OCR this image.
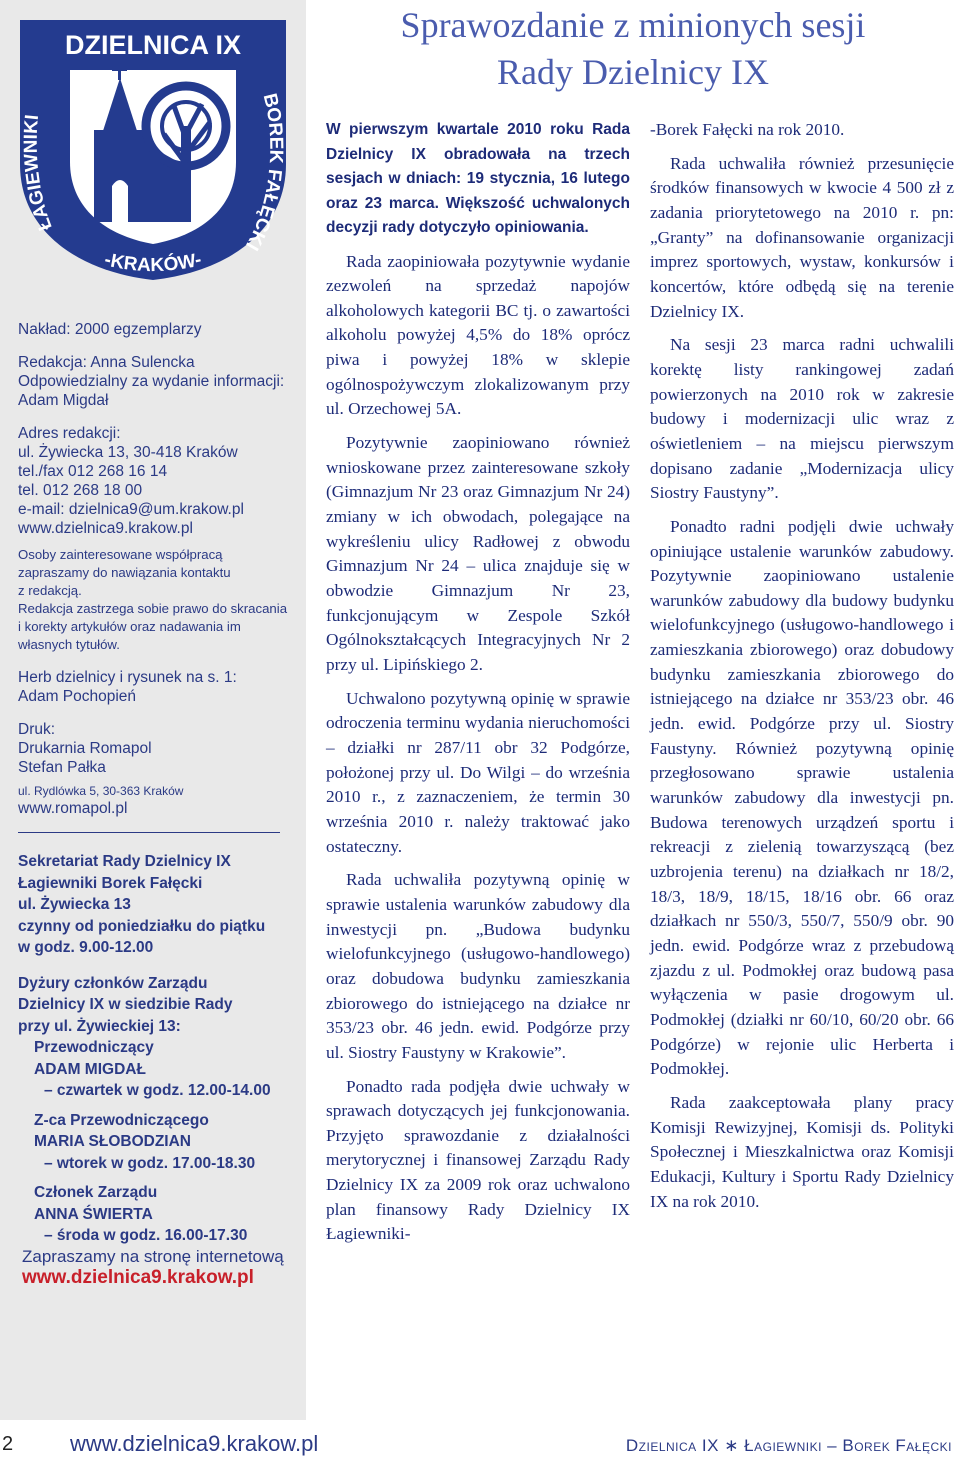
DZIELNICA IX
ŁAGIEWNIKI
BOREK FAŁĘCKI
-KRAKÓW-

Nakład: 2000 egzemplarzy

Redakcja: Anna Sulencka

Odpowiedzialny za wydanie informacji:

Adam Migdał

Adres redakcji:

ul. Żywiecka 13, 30-418 Kraków

tel./fax 012 268 16 14

tel. 012 268 18 00

e-mail: dzielnica9@um.krakow.pl

www.dzielnica9.krakow.pl

Osoby zainteresowane współpracą

zapraszamy do nawiązania kontaktu

z redakcją.

Redakcja zastrzega sobie prawo do skracania

i korekty artykułów oraz nadawania im

własnych tytułów.

Herb dzielnicy i rysunek na s. 1:

Adam Pochopień

Druk:

Drukarnia Romapol

Stefan Pałka

ul. Rydlówka 5, 30-363 Kraków

www.romapol.pl

Sekretariat Rady Dzielnicy IX

Łagiewniki Borek Fałęcki

ul. Żywiecka 13

czynny od poniedziałku do piątku

w godz. 9.00-12.00

Dyżury członków Zarządu

Dzielnicy IX w siedzibie Rady

przy ul. Żywieckiej 13:

Przewodniczący

ADAM MIGDAŁ

– czwartek w godz. 12.00-14.00

Z-ca Przewodniczącego

MARIA SŁOBODZIAN

– wtorek w godz. 17.00-18.30

Członek Zarządu

ANNA ŚWIERTA

– środa w godz. 16.00-17.30

Zapraszamy na stronę internetową

www.dzielnica9.krakow.pl

Sprawozdanie z minionych sesji
Rady Dzielnicy IX

W pierwszym kwartale 2010 roku Rada Dzielnicy IX obradowała na trzech sesjach w dniach: 19 stycznia, 16 lutego oraz 23 marca. Większość uchwalonych decyzji rady dotyczyło opiniowania.

Rada zaopiniowała pozytywnie wydanie zezwoleń na sprzedaż napojów alkoholowych kategorii BC tj. o zawartości alkoholu powyżej 4,5% do 18% oprócz piwa i powyżej 18% w sklepie ogólnospożywczym zlokalizowanym przy ul. Orzechowej 5A.

Pozytywnie zaopiniowano również wnioskowane przez zainteresowane szkoły (Gimnazjum Nr 23 oraz Gimnazjum Nr 24) zmiany w ich obwodach, polegające na wykreśleniu ulicy Radłowej z obwodu Gimnazjum Nr 24 – ulica znajduje się w obwodzie Gimnazjum Nr 23, funkcjonującym w Zespole Szkół Ogólnokształcących Integracyjnych Nr 2 przy ul. Lipińskiego 2.

Uchwalono pozytywną opinię w sprawie odroczenia terminu wydania nieruchomości – działki nr 287/11 obr 32 Podgórze, położonej przy ul. Do Wilgi – do września 2010 r., z zaznaczeniem, że termin 30 września 2010 r. należy traktować jako ostateczny.

Rada uchwaliła pozytywną opinię w sprawie ustalenia warunków zabudowy dla inwestycji pn. „Budowa budynku wielofunkcyjnego (usługowo-handlowego) oraz dobudowa budynku zamieszkania zbiorowego do istniejącego na działce nr 353/23 obr. 46 jedn. ewid. Podgórze przy ul. Siostry Faustyny w Krakowie”.

Ponadto rada podjęła dwie uchwały w sprawach dotyczących jej funkcjonowania. Przyjęto sprawozdanie z działalności merytorycznej i finansowej Zarządu Rady Dzielnicy IX za 2009 rok oraz uchwalono plan finansowy Rady Dzielnicy IX Łagiewniki-

-Borek Fałęcki na rok 2010.

Rada uchwaliła również przesunięcie środków finansowych w kwocie 4 500 zł z zadania priorytetowego na 2010 r. pn: „Granty” na dofinansowanie organizacji imprez sportowych, wystaw, konkursów i koncertów, które odbędą się na terenie Dzielnicy IX.

Na sesji 23 marca radni uchwalili korektę listy rankingowej zadań powierzonych na 2010 rok w zakresie budowy i modernizacji ulic wraz z oświetleniem – na miejscu pierwszym dopisano zadanie „Modernizacja ulicy Siostry Faustyny”.

Ponadto radni podjęli dwie uchwały opiniujące ustalenie warunków zabudowy. Pozytywnie zaopiniowano ustalenie warunków zabudowy dla budowy budynku wielofunkcyjnego (usługowo-handlowego i zamieszkania zbiorowego) oraz dobudowy budynku zamieszkania zbiorowego do istniejącego na działce nr 353/23 obr. 46 jedn. ewid. Podgórze przy ul. Siostry Faustyny. Również pozytywną opinię przegłosowano sprawie ustalenia warunków zabudowy dla inwestycji pn. Budowa terenowych urządzeń sportu i rekreacji z zielenią towarzyszącą (bez uzbrojenia terenu) na działkach nr 18/2, 18/3, 18/9, 18/15, 18/16 obr. 66 oraz działkach nr 550/3, 550/7, 550/9 obr. 90 jedn. ewid. Podgórze wraz z przebudową zjazdu z ul. Podmokłej oraz budową pasa wyłączenia w pasie drogowym ul. Podmokłej (działki nr 60/10, 60/20 obr. 66 Podgórze) w rejonie ulic Herberta i Podmokłej.

Rada zaakceptowała plany pracy Komisji Rewizyjnej, Komisji ds. Polityki Społecznej i Mieszkalnictwa oraz Komisji Edukacji, Kultury i Sportu Rady Dzielnicy IX na rok 2010.

2	www.dzielnica9.krakow.pl	Dzielnica IX ∗ Łagiewniki – Borek Fałęcki
